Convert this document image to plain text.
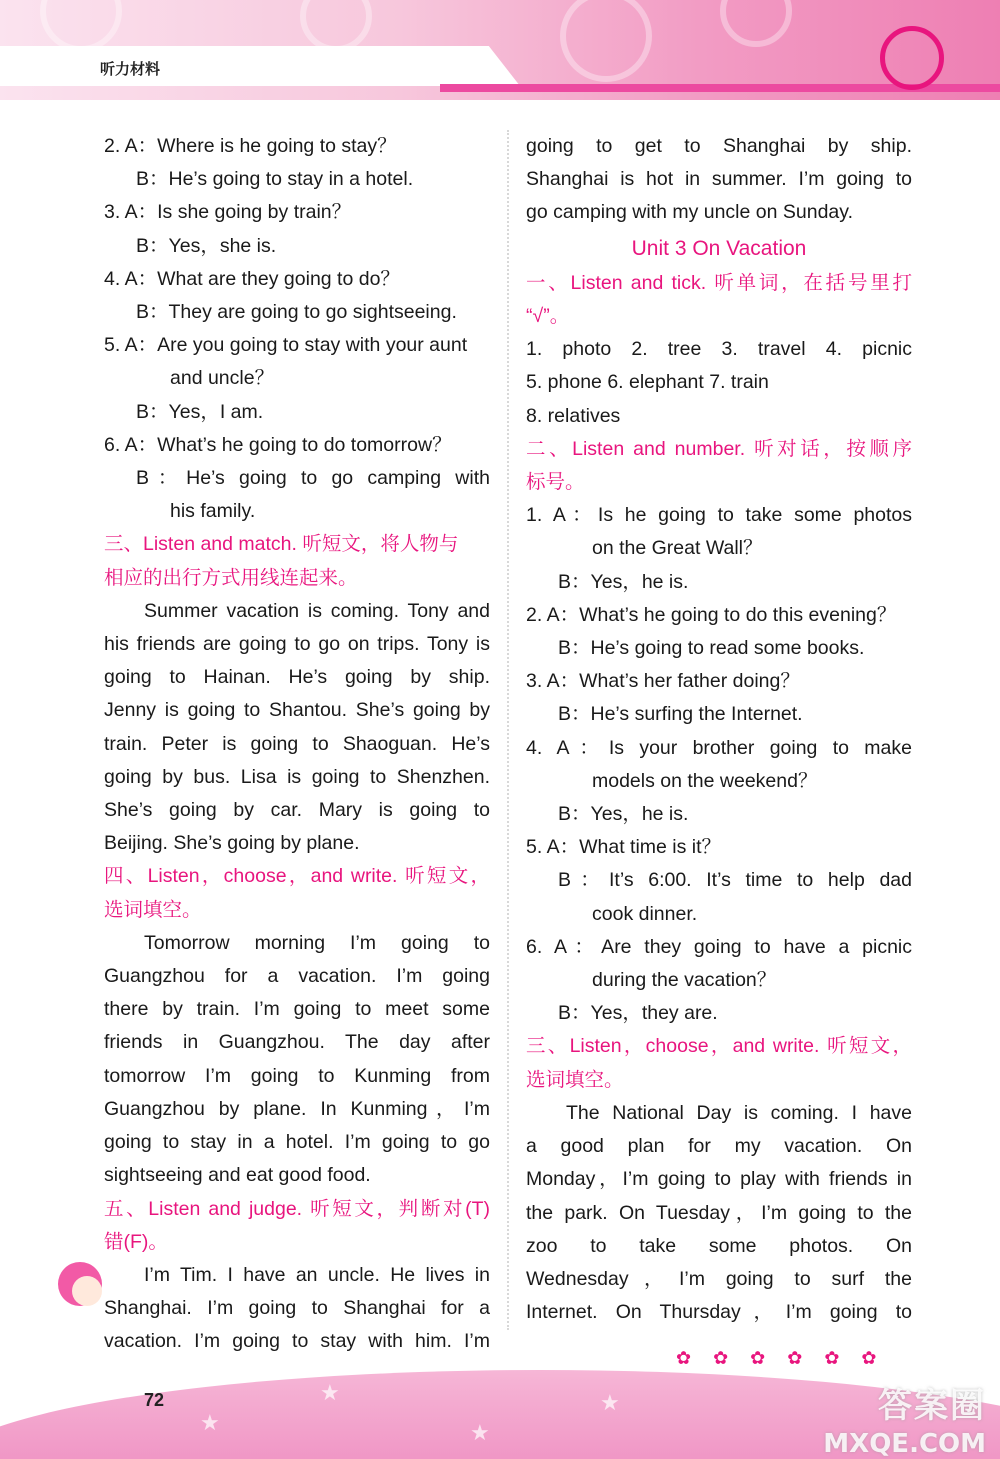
听力材料
2. A：Where is he going to stay？
B：He’s going to stay in a hotel.
3. A：Is she going by train？
B：Yes，she is.
4. A：What are they going to do？
B：They are going to go sightseeing.
5. A：Are you going to stay with your aunt
and uncle？
B：Yes，I am.
6. A：What’s he going to do tomorrow？
B：He’s going to go camping with
his family.
三、Listen and match. 听短文，将人物与
相应的出行方式用线连起来。
Summer vacation is coming. Tony and
his friends are going to go on trips. Tony is
going to Hainan. He’s going by ship.
Jenny is going to Shantou. She’s going by
train. Peter is going to Shaoguan. He’s
going by bus. Lisa is going to Shenzhen.
She’s going by car. Mary is going to
Beijing. She’s going by plane.
四、Listen，choose，and write. 听短文，
选词填空。
Tomorrow morning I’m going to
Guangzhou for a vacation. I’m going
there by train. I’m going to meet some
friends in Guangzhou. The day after
tomorrow I’m going to Kunming from
Guangzhou by plane. In Kunming，I’m
going to stay in a hotel. I’m going to go
sightseeing and eat good food.
五、Listen and judge. 听短文，判断对(T)
错(F)。
I’m Tim. I have an uncle. He lives in
Shanghai. I’m going to Shanghai for a
vacation. I’m going to stay with him. I’m
going to get to Shanghai by ship.
Shanghai is hot in summer. I’m going to
go camping with my uncle on Sunday.
Unit 3 On Vacation
一、Listen and tick. 听单词，在括号里打
“√”。
1. photo 2. tree 3. travel 4. picnic
5. phone 6. elephant 7. train
8. relatives
二、Listen and number. 听对话，按顺序
标号。
1. A：Is he going to take some photos
on the Great Wall？
B：Yes，he is.
2. A：What’s he going to do this evening？
B：He’s going to read some books.
3. A：What’s her father doing？
B：He’s surfing the Internet.
4. A：Is your brother going to make
models on the weekend？
B：Yes，he is.
5. A：What time is it？
B：It’s 6:00. It’s time to help dad
cook dinner.
6. A：Are they going to have a picnic
during the vacation？
B：Yes，they are.
三、Listen，choose，and write. 听短文，
选词填空。
The National Day is coming. I have
a good plan for my vacation. On
Monday，I’m going to play with friends in
the park. On Tuesday，I’m going to the
zoo to take some photos. On
Wednesday，I’m going to surf the
Internet. On Thursday，I’m going to
★
★
★
★
✿✿✿✿✿✿
72	答案圈
MXQE.COM
